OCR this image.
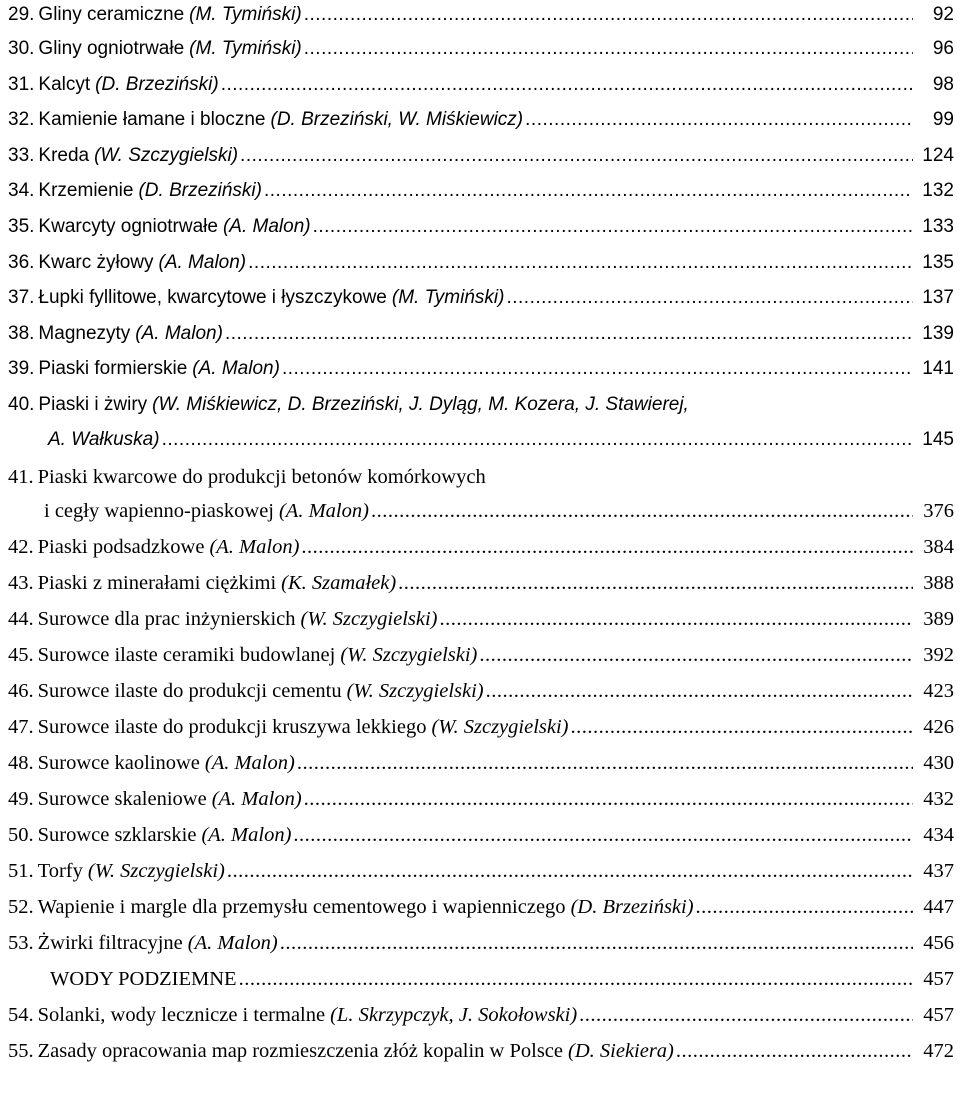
29. Gliny ceramiczne (M. Tymiński) .....	92
30. Gliny ogniotrwałe (M. Tymiński) .....	96
31. Kalcyt (D. Brzeziński) .....	98
32. Kamienie łamane i bloczne (D. Brzeziński, W. Miśkiewicz) .....	99
33. Kreda (W. Szczygielski) .....	124
34. Krzemienie (D. Brzeziński) .....	132
35. Kwarcyty ogniotrwałe (A. Malon) .....	133
36. Kwarc żyłowy (A. Malon) .....	135
37. Łupki fyllitowe, kwarcytowe i łyszczykowe (M. Tymiński) .....	137
38. Magnezyty (A. Malon) .....	139
39. Piaski formierskie (A. Malon) .....	141
40. Piaski i żwiry (W. Miśkiewicz, D. Brzeziński, J. Dyląg, M. Kozera, J. Stawierej,
A. Wałkuska) .....	145
41. Piaski kwarcowe do produkcji betonów komórkowych
i cegły wapienno-piaskowej (A. Malon) .....	376
42. Piaski podsadzkowe (A. Malon) .....	384
43. Piaski z minerałami ciężkimi (K. Szamałek) .....	388
44. Surowce dla prac inżynierskich (W. Szczygielski) .....	389
45. Surowce ilaste ceramiki budowlanej (W. Szczygielski) .....	392
46. Surowce ilaste do produkcji cementu (W. Szczygielski) .....	423
47. Surowce ilaste do produkcji kruszywa lekkiego (W. Szczygielski) .....	426
48. Surowce kaolinowe (A. Malon) .....	430
49. Surowce skaleniowe (A. Malon) .....	432
50. Surowce szklarskie (A. Malon) .....	434
51. Torfy (W. Szczygielski) .....	437
52. Wapienie i margle dla przemysłu cementowego i wapienniczego (D. Brzeziński) .....	447
53. Żwirki filtracyjne (A. Malon) .....	456
WODY PODZIEMNE .....	457
54. Solanki, wody lecznicze i termalne (L. Skrzypczyk, J. Sokołowski) .....	457
55. Zasady opracowania map rozmieszczenia złóż kopalin w Polsce (D. Siekiera) .....	472
